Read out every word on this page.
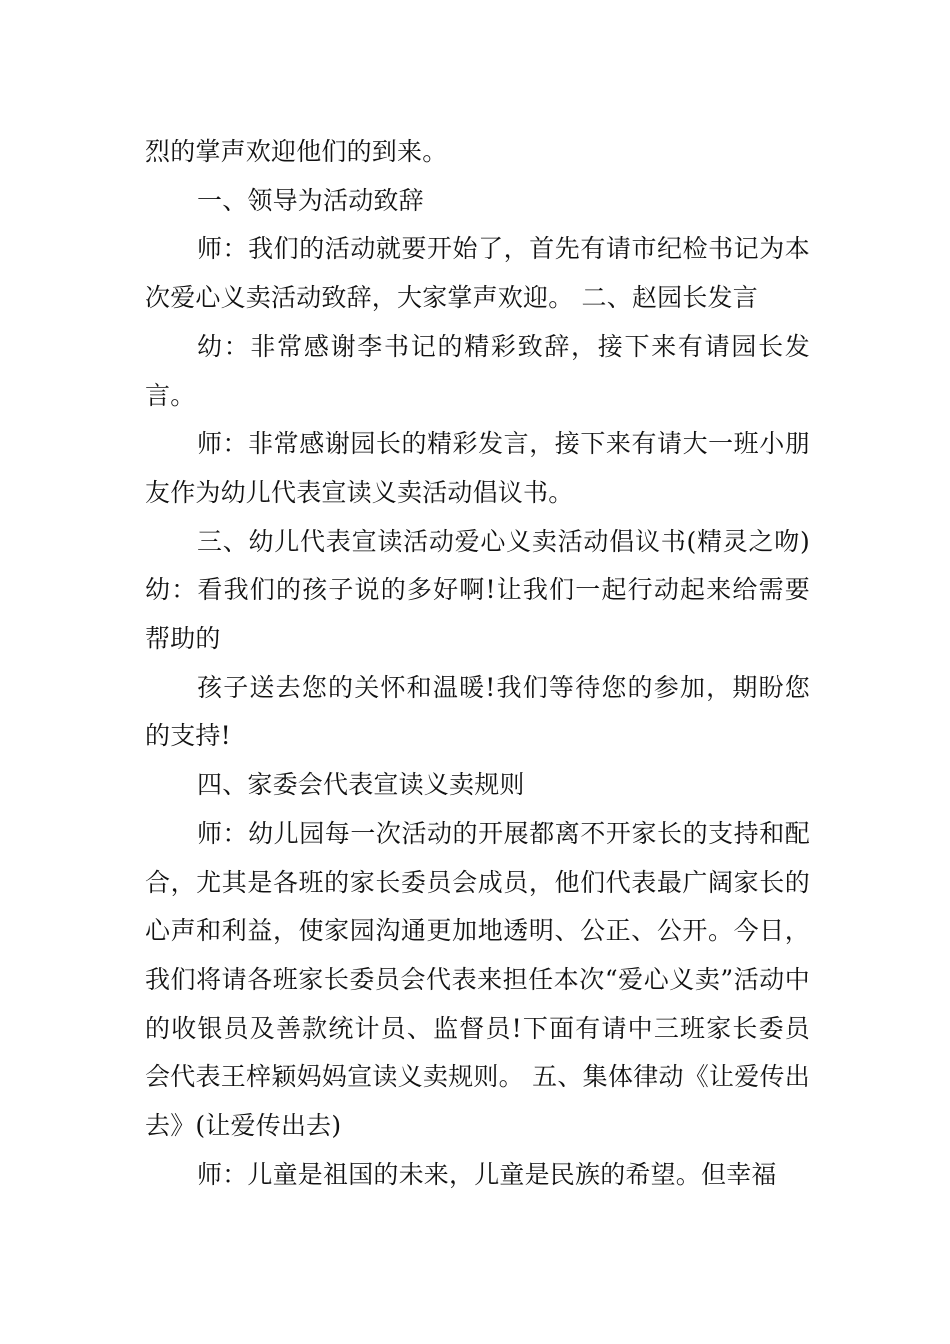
烈的掌声欢迎他们的到来。

一、领导为活动致辞

师：我们的活动就要开始了，首先有请市纪检书记为本次爱心义卖活动致辞，大家掌声欢迎。 二、赵园长发言

幼：非常感谢李书记的精彩致辞，接下来有请园长发言。

师：非常感谢园长的精彩发言，接下来有请大一班小朋友作为幼儿代表宣读义卖活动倡议书。

三、幼儿代表宣读活动爱心义卖活动倡议书(精灵之吻) 幼：看我们的孩子说的多好啊!让我们一起行动起来给需要帮助的

孩子送去您的关怀和温暖!我们等待您的参加，期盼您的支持!

四、家委会代表宣读义卖规则

师：幼儿园每一次活动的开展都离不开家长的支持和配合，尤其是各班的家长委员会成员，他们代表最广阔家长的心声和利益，使家园沟通更加地透明、公正、公开。今日，我们将请各班家长委员会代表来担任本次“爱心义卖”活动中的收银员及善款统计员、监督员!下面有请中三班家长委员会代表王梓颖妈妈宣读义卖规则。 五、集体律动《让爱传出去》(让爱传出去)

师：儿童是祖国的未来，儿童是民族的希望。但幸福
